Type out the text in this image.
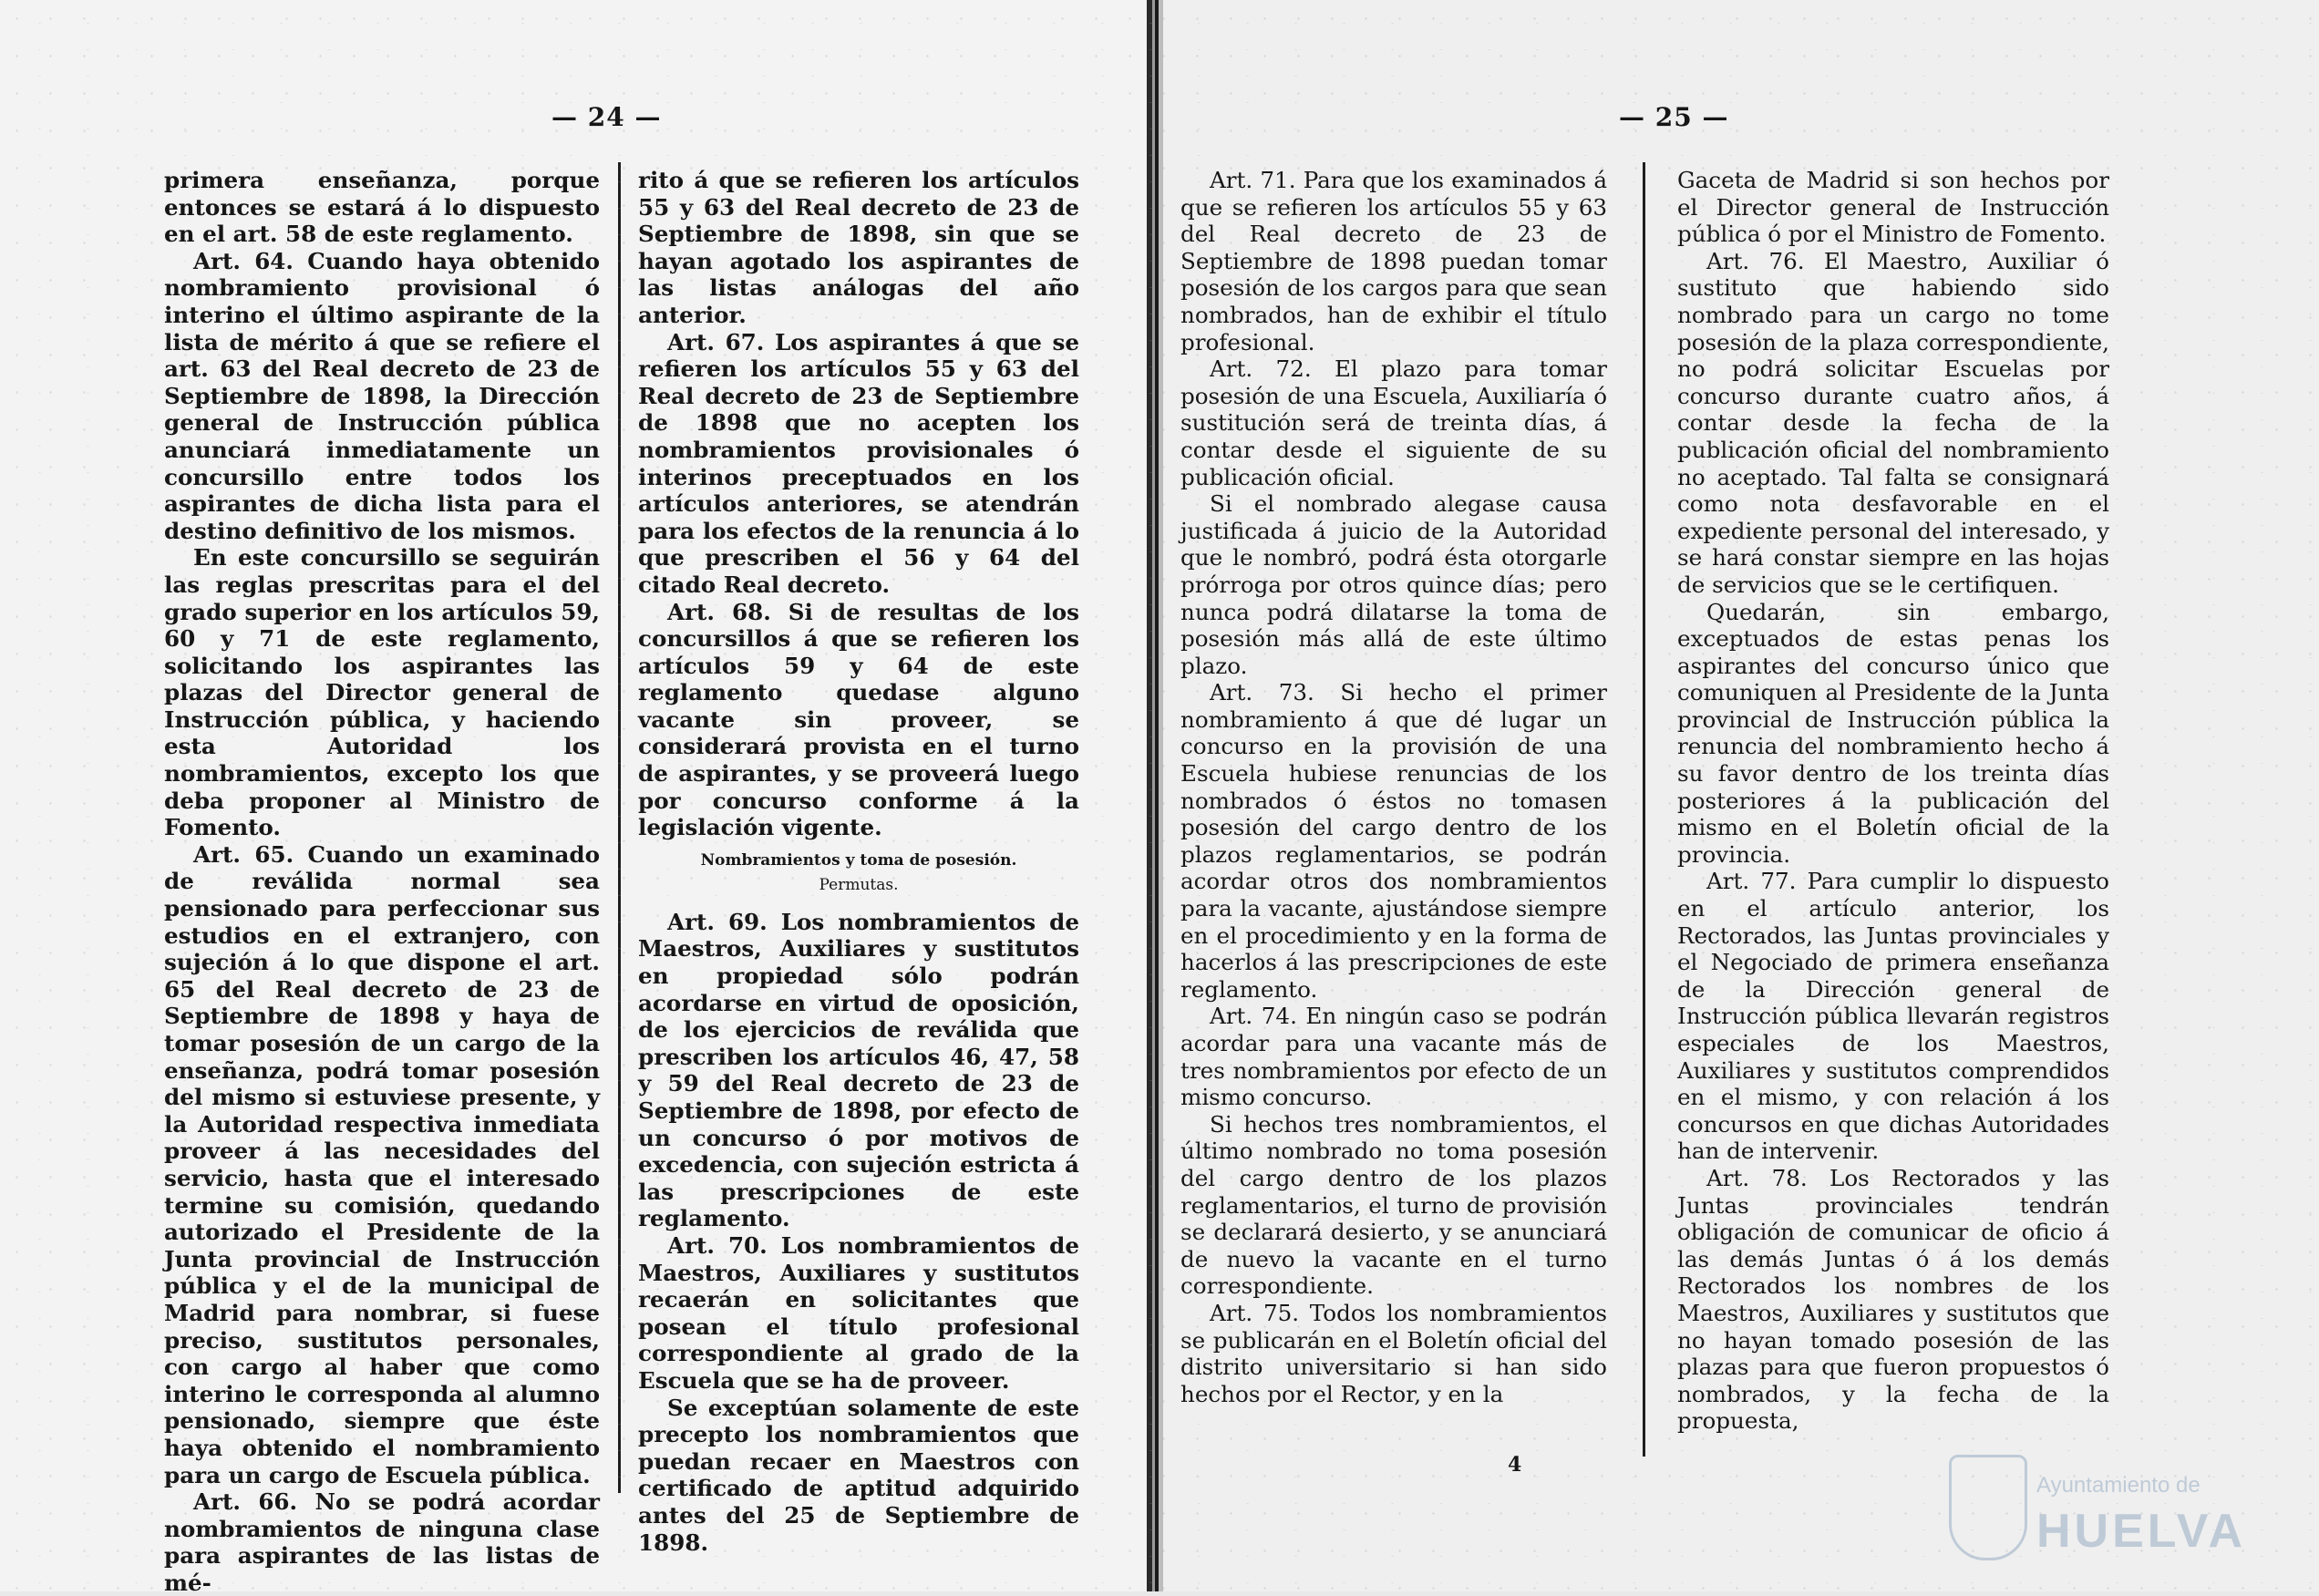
— 24 —

primera enseñanza, porque entonces se estará á lo dispuesto en el art. 58 de este reglamento.

Art. 64. Cuando haya obtenido nombramiento provisional ó interino el último aspirante de la lista de mérito á que se refiere el art. 63 del Real decreto de 23 de Septiembre de 1898, la Dirección general de Instrucción pública anunciará inmediatamente un concursillo entre todos los aspirantes de dicha lista para el destino definitivo de los mismos.

En este concursillo se seguirán las reglas prescritas para el del grado superior en los artículos 59, 60 y 71 de este reglamento, solicitando los aspirantes las plazas del Director general de Instrucción pública, y haciendo esta Autoridad los nombramientos, excepto los que deba proponer al Ministro de Fomento.

Art. 65. Cuando un examinado de reválida normal sea pensionado para perfeccionar sus estudios en el extranjero, con sujeción á lo que dispone el art. 65 del Real decreto de 23 de Septiembre de 1898 y haya de tomar posesión de un cargo de la enseñanza, podrá tomar posesión del mismo si estuviese presente, y la Autoridad respectiva inmediata proveer á las necesidades del servicio, hasta que el interesado termine su comisión, quedando autorizado el Presidente de la Junta provincial de Instrucción pública y el de la municipal de Madrid para nombrar, si fuese preciso, sustitutos personales, con cargo al haber que como interino le corresponda al alumno pensionado, siempre que éste haya obtenido el nombramiento para un cargo de Escuela pública.

Art. 66. No se podrá acordar nombramientos de ninguna clase para aspirantes de las listas de mé-

rito á que se refieren los artículos 55 y 63 del Real decreto de 23 de Septiembre de 1898, sin que se hayan agotado los aspirantes de las listas análogas del año anterior.

Art. 67. Los aspirantes á que se refieren los artículos 55 y 63 del Real decreto de 23 de Septiembre de 1898 que no acepten los nombramientos provisionales ó interinos preceptuados en los artículos anteriores, se atendrán para los efectos de la renuncia á lo que prescriben el 56 y 64 del citado Real decreto.

Art. 68. Si de resultas de los concursillos á que se refieren los artículos 59 y 64 de este reglamento quedase alguno vacante sin proveer, se considerará provista en el turno de aspirantes, y se proveerá luego por concurso conforme á la legislación vigente.

Nombramientos y toma de posesión.

Permutas.

Art. 69. Los nombramientos de Maestros, Auxiliares y sustitutos en propiedad sólo podrán acordarse en virtud de oposición, de los ejercicios de reválida que prescriben los artículos 46, 47, 58 y 59 del Real decreto de 23 de Septiembre de 1898, por efecto de un concurso ó por motivos de excedencia, con sujeción estricta á las prescripciones de este reglamento.

Art. 70. Los nombramientos de Maestros, Auxiliares y sustitutos recaerán en solicitantes que posean el título profesional correspondiente al grado de la Escuela que se ha de proveer.

Se exceptúan solamente de este precepto los nombramientos que puedan recaer en Maestros con certificado de aptitud adquirido antes del 25 de Septiembre de 1898.

— 25 —

Art. 71. Para que los examinados á que se refieren los artículos 55 y 63 del Real decreto de 23 de Septiembre de 1898 puedan tomar posesión de los cargos para que sean nombrados, han de exhibir el título profesional.

Art. 72. El plazo para tomar posesión de una Escuela, Auxiliaría ó sustitución será de treinta días, á contar desde el siguiente de su publicación oficial.

Si el nombrado alegase causa justificada á juicio de la Autoridad que le nombró, podrá ésta otorgarle prórroga por otros quince días; pero nunca podrá dilatarse la toma de posesión más allá de este último plazo.

Art. 73. Si hecho el primer nombramiento á que dé lugar un concurso en la provisión de una Escuela hubiese renuncias de los nombrados ó éstos no tomasen posesión del cargo dentro de los plazos reglamentarios, se podrán acordar otros dos nombramientos para la vacante, ajustándose siempre en el procedimiento y en la forma de hacerlos á las prescripciones de este reglamento.

Art. 74. En ningún caso se podrán acordar para una vacante más de tres nombramientos por efecto de un mismo concurso.

Si hechos tres nombramientos, el último nombrado no toma posesión del cargo dentro de los plazos reglamentarios, el turno de provisión se declarará desierto, y se anunciará de nuevo la vacante en el turno correspondiente.

Art. 75. Todos los nombramientos se publicarán en el Boletín oficial del distrito universitario si han sido hechos por el Rector, y en la

Gaceta de Madrid si son hechos por el Director general de Instrucción pública ó por el Ministro de Fomento.

Art. 76. El Maestro, Auxiliar ó sustituto que habiendo sido nombrado para un cargo no tome posesión de la plaza correspondiente, no podrá solicitar Escuelas por concurso durante cuatro años, á contar desde la fecha de la publicación oficial del nombramiento no aceptado. Tal falta se consignará como nota desfavorable en el expediente personal del interesado, y se hará constar siempre en las hojas de servicios que se le certifiquen.

Quedarán, sin embargo, exceptuados de estas penas los aspirantes del concurso único que comuniquen al Presidente de la Junta provincial de Instrucción pública la renuncia del nombramiento hecho á su favor dentro de los treinta días posteriores á la publicación del mismo en el Boletín oficial de la provincia.

Art. 77. Para cumplir lo dispuesto en el artículo anterior, los Rectorados, las Juntas provinciales y el Negociado de primera enseñanza de la Dirección general de Instrucción pública llevarán registros especiales de los Maestros, Auxiliares y sustitutos comprendidos en el mismo, y con relación á los concursos en que dichas Autoridades han de intervenir.

Art. 78. Los Rectorados y las Juntas provinciales tendrán obligación de comunicar de oficio á las demás Juntas ó á los demás Rectorados los nombres de los Maestros, Auxiliares y sustitutos que no hayan tomado posesión de las plazas para que fueron propuestos ó nombrados, y la fecha de la propuesta,

4
Ayuntamiento de
HUELVA
